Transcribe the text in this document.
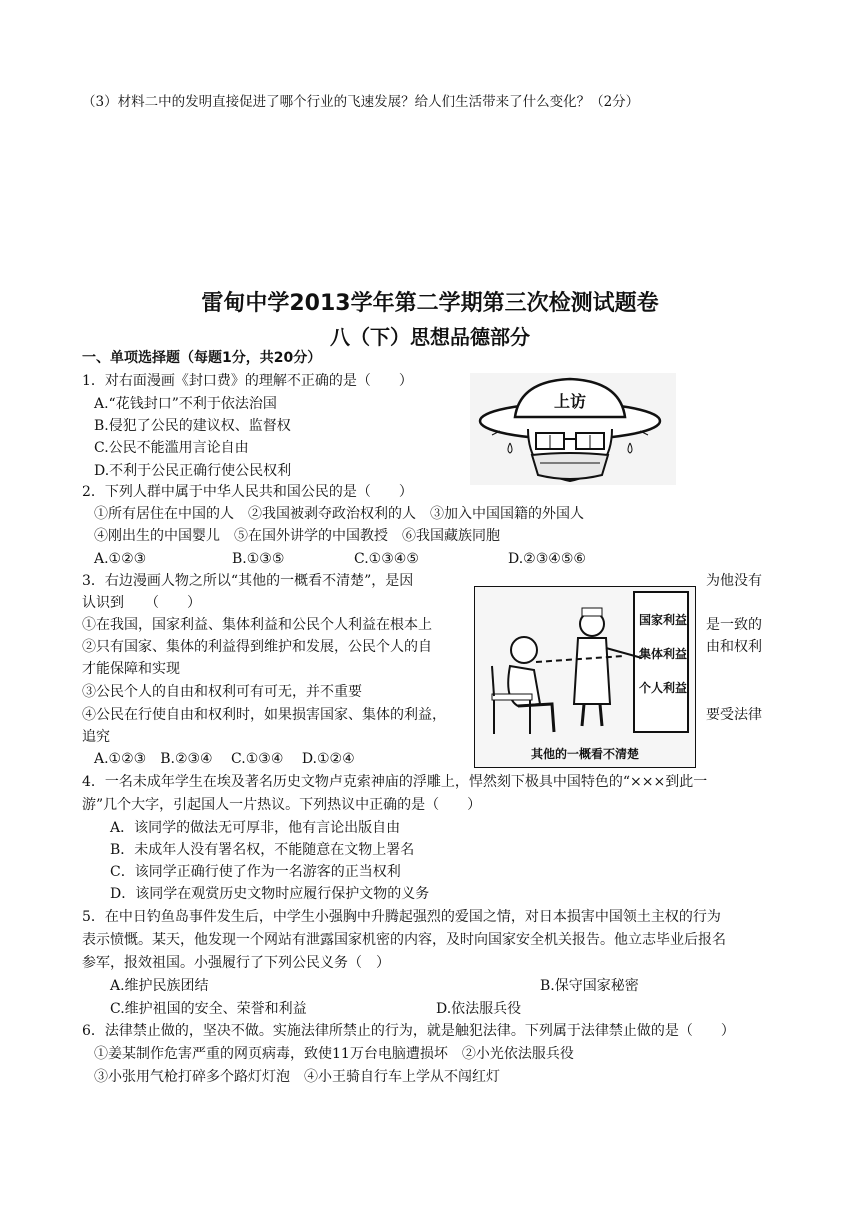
（3）材料二中的发明直接促进了哪个行业的飞速发展？给人们生活带来了什么变化？（2分）
雷甸中学2013学年第二学期第三次检测试题卷
八（下）思想品德部分
一、单项选择题（每题1分，共20分）
1．对右面漫画《封口费》的理解不正确的是（　　）
A.“花钱封口”不利于依法治国
B.侵犯了公民的建议权、监督权
C.公民不能滥用言论自由
D.不利于公民正确行使公民权利
上访
2．下列人群中属于中华人民共和国公民的是（　　）
①所有居住在中国的人　②我国被剥夺政治权利的人　③加入中国国籍的外国人
④刚出生的中国婴儿　⑤在国外讲学的中国教授　⑥我国藏族同胞
A.①②③	B.①③⑤	C.①③④⑤	D.②③④⑤⑥
3．右边漫画人物之所以“其他的一概看不清楚”，是因	为他没有
认识到　　（　　）
①在我国，国家利益、集体利益和公民个人利益在根本上	是一致的
②只有国家、集体的利益得到维护和发展，公民个人的自	由和权利
才能保障和实现
③公民个人的自由和权利可有可无，并不重要
④公民在行使自由和权利时，如果损害国家、集体的利益，	要受法律
追究
A.①②③　B.②③④　 C.①③④　 D.①②④
国家利益
集体利益
个人利益
其他的一概看不清楚
4．一名未成年学生在埃及著名历史文物卢克索神庙的浮雕上，悍然刻下极具中国特色的“×××到此一
游”几个大字，引起国人一片热议。下列热议中正确的是（　　）
A．该同学的做法无可厚非，他有言论出版自由
B．未成年人没有署名权，不能随意在文物上署名
C．该同学正确行使了作为一名游客的正当权利
D．该同学在观赏历史文物时应履行保护文物的义务
5．在中日钓鱼岛事件发生后，中学生小强胸中升腾起强烈的爱国之情，对日本损害中国领土主权的行为
表示愤慨。某天，他发现一个网站有泄露国家机密的内容，及时向国家安全机关报告。他立志毕业后报名
参军，报效祖国。小强履行了下列公民义务（　）
A.维护民族团结	B.保守国家秘密
C.维护祖国的安全、荣誉和利益	D.依法服兵役
6．法律禁止做的，坚决不做。实施法律所禁止的行为，就是触犯法律。下列属于法律禁止做的是（　　）
①姜某制作危害严重的网页病毒，致使11万台电脑遭损坏　②小光依法服兵役
③小张用气枪打碎多个路灯灯泡　④小王骑自行车上学从不闯红灯
